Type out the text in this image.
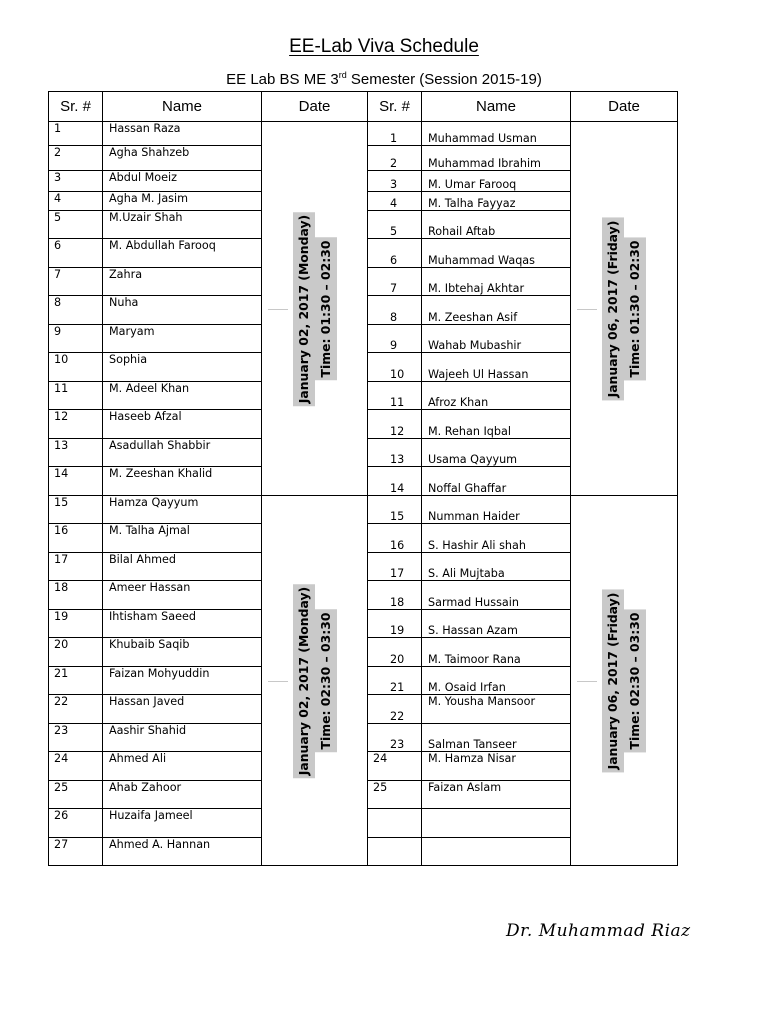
EE-Lab Viva Schedule
EE Lab BS ME 3rd Semester (Session 2015-19)
Sr. #	Name	Date	Sr. #	Name	Date
1	Hassan Raza	January 02, 2017 (Monday) Time: 01:30 – 02:30	1	Muhammad Usman	January 06, 2017 (Friday) Time: 01:30 – 02:30

2	Agha Shahzeb		2	Muhammad Ibrahim	
3	Abdul Moeiz		3	M. Umar Farooq	
4	Agha M. Jasim		4	M. Talha Fayyaz	
5	M.Uzair Shah		5	Rohail Aftab	
6	M. Abdullah Farooq		6	Muhammad Waqas	
7	Zahra		7	M. Ibtehaj Akhtar	
8	Nuha		8	M. Zeeshan Asif	
9	Maryam		9	Wahab Mubashir	
10	Sophia		10	Wajeeh Ul Hassan	
11	M. Adeel Khan		11	Afroz Khan	
12	Haseeb Afzal		12	M. Rehan Iqbal	
13	Asadullah Shabbir		13	Usama Qayyum	
14	M. Zeeshan Khalid		14	Noffal Ghaffar	
15	Hamza Qayyum	January 02, 2017 (Monday) Time: 02:30 – 03:30	15	Numman Haider	January 06, 2017 (Friday) Time: 02:30 – 03:30

16	M. Talha Ajmal		16	S. Hashir Ali shah	
17	Bilal Ahmed		17	S. Ali Mujtaba	
18	Ameer Hassan		18	Sarmad Hussain	
19	Ihtisham Saeed		19	S. Hassan Azam	
20	Khubaib Saqib		20	M. Taimoor Rana	
21	Faizan Mohyuddin		21	M. Osaid Irfan	
22	Hassan Javed		22	M. Yousha Mansoor	
23	Aashir Shahid		23	Salman Tanseer	
24	Ahmed Ali		24	M. Hamza Nisar	
25	Ahab Zahoor		25	Faizan Aslam	
26	Huzaifa Jameel				
27	Ahmed A. Hannan				
Dr. Muhammad Riaz
